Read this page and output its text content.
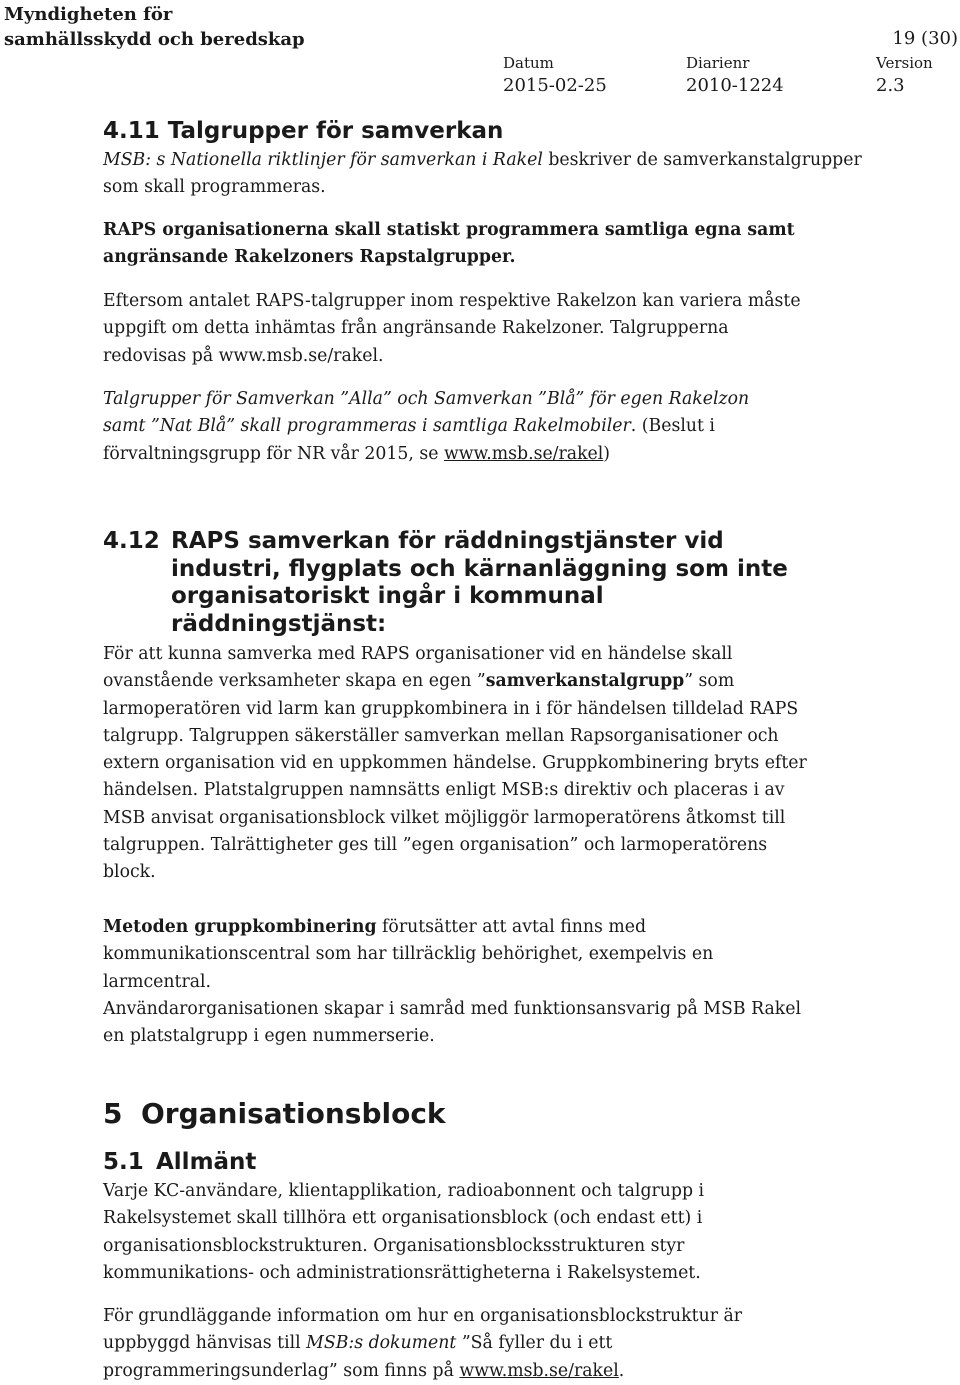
Myndigheten för
samhällsskydd och beredskap	19 (30)
Datum
2015-02-25
Diarienr
2010-1224
Version
2.3
4.11 Talgrupper för samverkan
MSB: s Nationella riktlinjer för samverkan i Rakel beskriver de samverkanstalgrupper som skall programmeras.
RAPS organisationerna skall statiskt programmera samtliga egna samt angränsande Rakelzoners Rapstalgrupper.
Eftersom antalet RAPS-talgrupper inom respektive Rakelzon kan variera måste uppgift om detta inhämtas från angränsande Rakelzoner. Talgrupperna redovisas på www.msb.se/rakel.
Talgrupper för Samverkan ”Alla” och Samverkan ”Blå” för egen Rakelzon samt ”Nat Blå” skall programmeras i samtliga Rakelmobiler. (Beslut i förvaltningsgrupp för NR vår 2015, se www.msb.se/rakel)
4.12 RAPS samverkan för räddningstjänster vid industri, flygplats och kärnanläggning som inte organisatoriskt ingår i kommunal räddningstjänst:
För att kunna samverka med RAPS organisationer vid en händelse skall ovanstående verksamheter skapa en egen ”samverkanstalgrupp” som larmoperatören vid larm kan gruppkombinera in i för händelsen tilldelad RAPS talgrupp. Talgruppen säkerställer samverkan mellan Rapsorganisationer och extern organisation vid en uppkommen händelse. Gruppkombinering bryts efter händelsen. Platstalgruppen namnsätts enligt MSB:s direktiv och placeras i av MSB anvisat organisationsblock vilket möjliggör larmoperatörens åtkomst till talgruppen. Talrättigheter ges till ”egen organisation” och larmoperatörens block.
Metoden gruppkombinering förutsätter att avtal finns med kommunikationscentral som har tillräcklig behörighet, exempelvis en larmcentral.
Användarorganisationen skapar i samråd med funktionsansvarig på MSB Rakel en platstalgrupp i egen nummerserie.
5 Organisationsblock
5.1 Allmänt
Varje KC-användare, klientapplikation, radioabonnent och talgrupp i Rakelsystemet skall tillhöra ett organisationsblock (och endast ett) i organisationsblockstrukturen. Organisationsblocksstrukturen styr kommunikations- och administrationsrättigheterna i Rakelsystemet.
För grundläggande information om hur en organisationsblockstruktur är uppbyggd hänvisas till MSB:s dokument ”Så fyller du i ett programmeringsunderlag” som finns på www.msb.se/rakel.
